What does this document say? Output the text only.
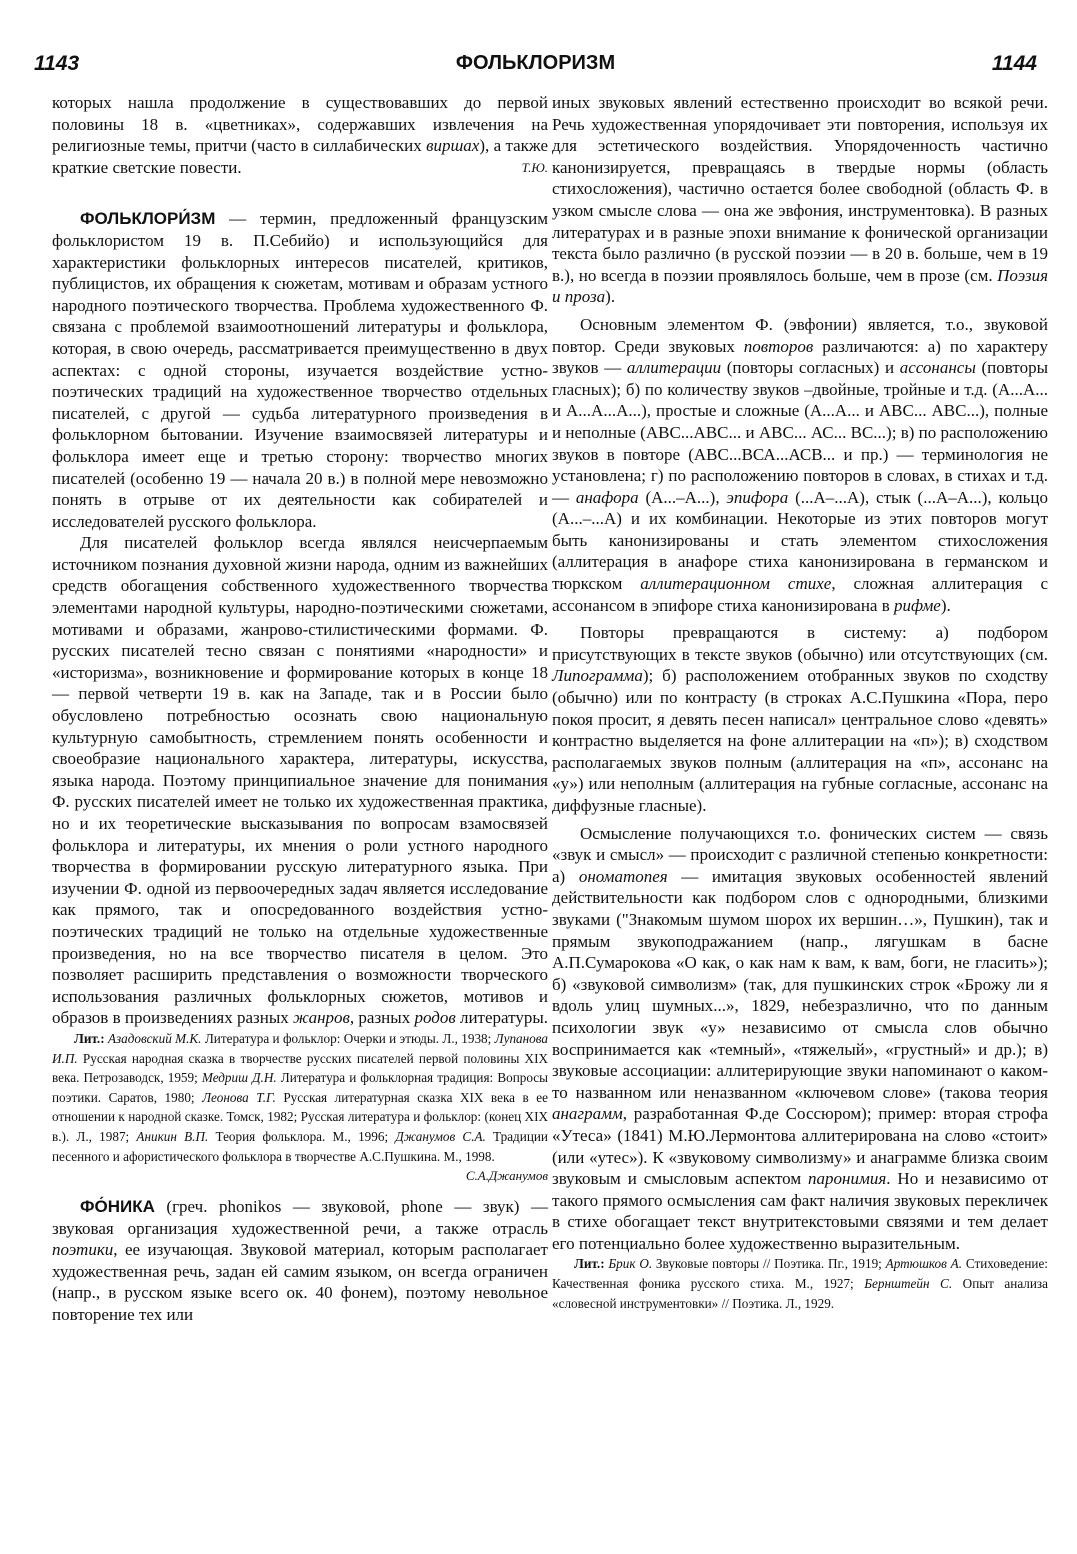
1143	ФОЛЬКЛОРИЗМ	1144

которых нашла продолжение в существовавших до первой половины 18 в. «цветниках», содержавших извлечения на религиозные темы, притчи (часто в силлабических виршах), а также краткие светские повести.	Т.Ю.

ФОЛЬКЛОРИ́ЗМ — термин, предложенный французским фольклористом 19 в. П.Себийо) и использующийся для характеристики фольклорных интересов писателей, критиков, публицистов, их обращения к сюжетам, мотивам и образам устного народного поэтического творчества. Проблема художественного Ф. связана с проблемой взаимоотношений литературы и фольклора, которая, в свою очередь, рассматривается преимущественно в двух аспектах: с одной стороны, изучается воздействие устно-поэтических традиций на художественное творчество отдельных писателей, с другой — судьба литературного произведения в фольклорном бытовании. Изучение взаимосвязей литературы и фольклора имеет еще и третью сторону: творчество многих писателей (особенно 19 — начала 20 в.) в полной мере невозможно понять в отрыве от их деятельности как собирателей и исследователей русского фольклора.

Для писателей фольклор всегда являлся неисчерпаемым источником познания духовной жизни народа, одним из важнейших средств обогащения собственного художественного творчества элементами народной культуры, народно-поэтическими сюжетами, мотивами и образами, жанрово-стилистическими формами. Ф. русских писателей тесно связан с понятиями «народности» и «историзма», возникновение и формирование которых в конце 18 — первой четверти 19 в. как на Западе, так и в России было обусловлено потребностью осознать свою национальную культурную самобытность, стремлением понять особенности и своеобразие национального характера, литературы, искусства, языка народа. Поэтому принципиальное значение для понимания Ф. русских писателей имеет не только их художественная практика, но и их теоретические высказывания по вопросам взамосвязей фольклора и литературы, их мнения о роли устного народного творчества в формировании русскую литературного языка. При изучении Ф. одной из первоочередных задач является исследование как прямого, так и опосредованного воздействия устно-поэтических традиций не только на отдельные художественные произведения, но на все творчество писателя в целом. Это позволяет расширить представления о возможности творческого использования различных фольклорных сюжетов, мотивов и образов в произведениях разных жанров, разных родов литературы.

Лит.: Азадовский М.К. Литература и фольклор: Очерки и этюды. Л., 1938; Лупанова И.П. Русская народная сказка в творчестве русских писателей первой половины XIX века. Петрозаводск, 1959; Медриш Д.Н. Литература и фольклорная традиция: Вопросы поэтики. Саратов, 1980; Леонова Т.Г. Русская литературная сказка XIX века в ее отношении к народной сказке. Томск, 1982; Русская литература и фольклор: (конец XIX в.). Л., 1987; Аникин В.П. Теория фольклора. М., 1996; Джанумов С.А. Традиции песенного и афористического фольклора в творчестве А.С.Пушкина. М., 1998.
С.А.Джанумов

ФО́НИКА (греч. phonikos — звуковой, phone — звук) — звуковая организация художественной речи, а также отрасль поэтики, ее изучающая. Звуковой материал, которым располагает художественная речь, задан ей самим языком, он всегда ограничен (напр., в русском языке всего ок. 40 фонем), поэтому невольное повторение тех или

иных звуковых явлений естественно происходит во всякой речи. Речь художественная упорядочивает эти повторения, используя их для эстетического воздействия. Упорядоченность частично канонизируется, превращаясь в твердые нормы (область стихосложения), частично остается более свободной (область Ф. в узком смысле слова — она же эвфония, инструментовка). В разных литературах и в разные эпохи внимание к фонической организации текста было различно (в русской поэзии — в 20 в. больше, чем в 19 в.), но всегда в поэзии проявлялось больше, чем в прозе (см. Поэзия и проза).

Основным элементом Ф. (эвфонии) является, т.о., звуковой повтор. Среди звуковых повторов различаются: а) по характеру звуков — аллитерации (повторы согласных) и ассонансы (повторы гласных); б) по количеству звуков –двойные, тройные и т.д. (А...А... и А...А...А...), простые и сложные (А...А... и АВС... АВС...), полные и неполные (АВС...АВС... и АВС... АС... ВС...); в) по расположению звуков в повторе (АВС...ВСА...АСВ... и пр.) — терминология не установлена; г) по расположению повторов в словах, в стихах и т.д. — анафора (А...–А...), эпифора (...А–...А), стык (...А–А...), кольцо (А...–...А) и их комбинации. Некоторые из этих повторов могут быть канонизированы и стать элементом стихосложения (аллитерация в анафоре стиха канонизирована в германском и тюркском аллитерационном стихе, сложная аллитерация с ассонансом в эпифоре стиха канонизирована в рифме).

Повторы превращаются в систему: а) подбором присутствующих в тексте звуков (обычно) или отсутствующих (см. Липограмма); б) расположением отобранных звуков по сходству (обычно) или по контрасту (в строках А.С.Пушкина «Пора, перо покоя просит, я девять песен написал» центральное слово «девять» контрастно выделяется на фоне аллитерации на «п»); в) сходством располагаемых звуков полным (аллитерация на «п», ассонанс на «у») или неполным (аллитерация на губные согласные, ассонанс на диффузные гласные).

Осмысление получающихся т.о. фонических систем — связь «звук и смысл» — происходит с различной степенью конкретности: а) ономатопея — имитация звуковых особенностей явлений действительности как подбором слов с однородными, близкими звуками ("Знакомым шумом шорох их вершин…», Пушкин), так и прямым звукоподражанием (напр., лягушкам в басне А.П.Сумарокова «О как, о как нам к вам, к вам, боги, не гласить»); б) «звуковой символизм» (так, для пушкинских строк «Брожу ли я вдоль улиц шумных...», 1829, небезразлично, что по данным психологии звук «у» независимо от смысла слов обычно воспринимается как «темный», «тяжелый», «грустный» и др.); в) звуковые ассоциации: аллитерирующие звуки напоминают о каком-то названном или неназванном «ключевом слове» (такова теория анаграмм, разработанная Ф.де Соссюром); пример: вторая строфа «Утеса» (1841) М.Ю.Лермонтова аллитерирована на слово «стоит» (или «утес»). К «звуковому символизму» и анаграмме близка своим звуковым и смысловым аспектом паронимия. Но и независимо от такого прямого осмысления сам факт наличия звуковых перекличек в стихе обогащает текст внутритекстовыми связями и тем делает его потенциально более художественно выразительным.

Лит.: Брик О. Звуковые повторы // Поэтика. Пг., 1919; Артюшков А. Стиховедение: Качественная фоника русского стиха. М., 1927; Бернштейн С. Опыт анализа «словесной инструментовки» // Поэтика. Л., 1929.
